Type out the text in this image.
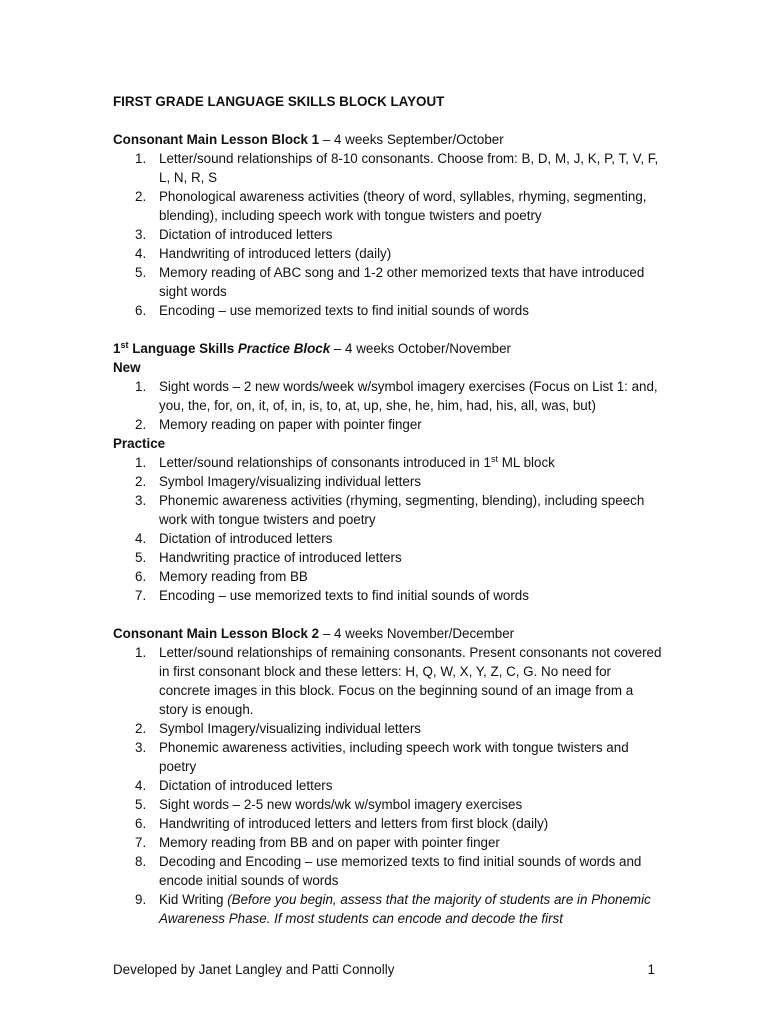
FIRST GRADE LANGUAGE SKILLS BLOCK LAYOUT
Consonant Main Lesson Block 1 – 4 weeks September/October
1. Letter/sound relationships of 8-10 consonants. Choose from: B, D, M, J, K, P, T, V, F, L, N, R, S
2. Phonological awareness activities (theory of word, syllables, rhyming, segmenting, blending), including speech work with tongue twisters and poetry
3. Dictation of introduced letters
4. Handwriting of introduced letters (daily)
5. Memory reading of ABC song and 1-2 other memorized texts that have introduced sight words
6. Encoding – use memorized texts to find initial sounds of words
1st Language Skills Practice Block – 4 weeks October/November
New
1. Sight words – 2 new words/week w/symbol imagery exercises (Focus on List 1: and, you, the, for, on, it, of, in, is, to, at, up, she, he, him, had, his, all, was, but)
2. Memory reading on paper with pointer finger
Practice
1. Letter/sound relationships of consonants introduced in 1st ML block
2. Symbol Imagery/visualizing individual letters
3. Phonemic awareness activities (rhyming, segmenting, blending), including speech work with tongue twisters and poetry
4. Dictation of introduced letters
5. Handwriting practice of introduced letters
6. Memory reading from BB
7. Encoding – use memorized texts to find initial sounds of words
Consonant Main Lesson Block 2 – 4 weeks November/December
1. Letter/sound relationships of remaining consonants. Present consonants not covered in first consonant block and these letters: H, Q, W, X, Y, Z, C, G. No need for concrete images in this block. Focus on the beginning sound of an image from a story is enough.
2. Symbol Imagery/visualizing individual letters
3. Phonemic awareness activities, including speech work with tongue twisters and poetry
4. Dictation of introduced letters
5. Sight words – 2-5 new words/wk w/symbol imagery exercises
6. Handwriting of introduced letters and letters from first block (daily)
7. Memory reading from BB and on paper with pointer finger
8. Decoding and Encoding – use memorized texts to find initial sounds of words and encode initial sounds of words
9. Kid Writing (Before you begin, assess that the majority of students are in Phonemic Awareness Phase. If most students can encode and decode the first
Developed by Janet Langley and Patti Connolly	1
